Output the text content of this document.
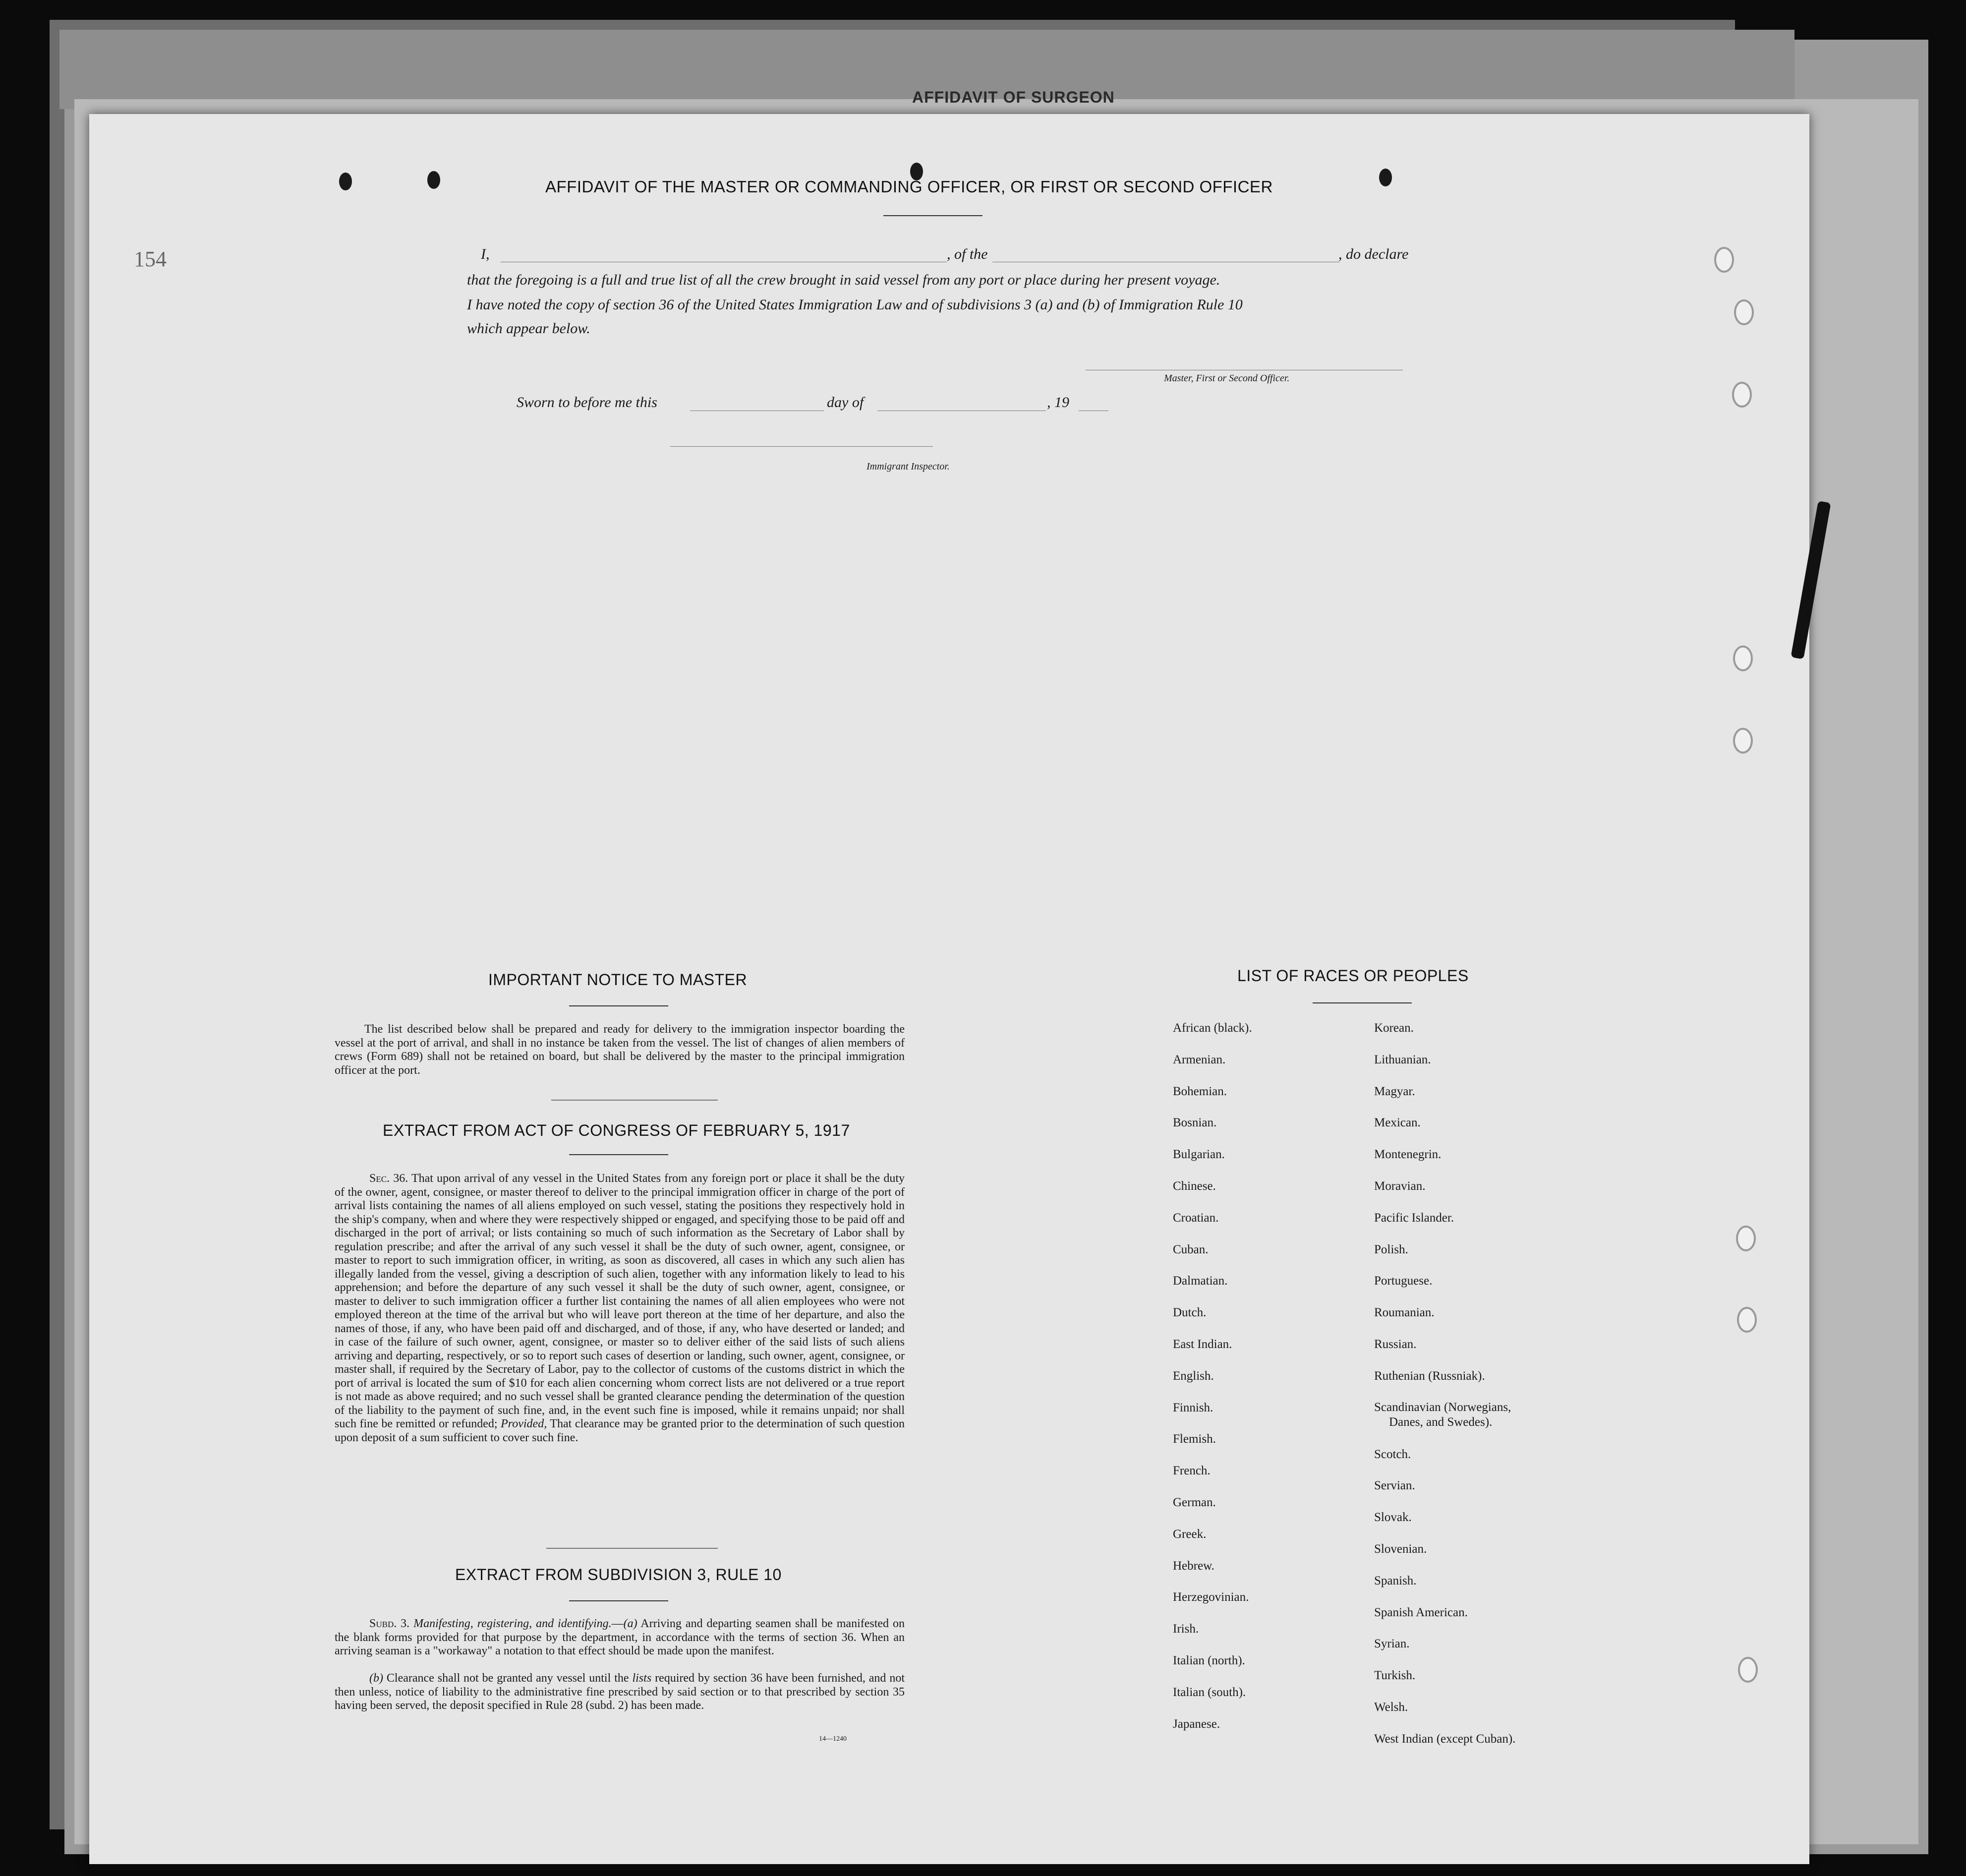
AFFIDAVIT OF SURGEON
154
AFFIDAVIT OF THE MASTER OR COMMANDING OFFICER, OR FIRST OR SECOND OFFICER
I,	, of the	, do declare
that the foregoing is a full and true list of all the crew brought in said vessel from any port or place during her present voyage.
I have noted the copy of section 36 of the United States Immigration Law and of subdivisions 3 (a) and (b) of Immigration Rule 10
which appear below.
Master, First or Second Officer.
Sworn to before me this	day of	, 19
Immigrant Inspector.
IMPORTANT NOTICE TO MASTER
The list described below shall be prepared and ready for delivery to the immigration inspector boarding the vessel at the port of arrival, and shall in no instance be taken from the vessel. The list of changes of alien members of crews (Form 689) shall not be retained on board, but shall be delivered by the master to the principal immigration officer at the port.
EXTRACT FROM ACT OF CONGRESS OF FEBRUARY 5, 1917
Sec. 36. That upon arrival of any vessel in the United States from any foreign port or place it shall be the duty of the owner, agent, consignee, or master thereof to deliver to the principal immigration officer in charge of the port of arrival lists containing the names of all aliens employed on such vessel, stating the positions they respectively hold in the ship's company, when and where they were respectively shipped or engaged, and specifying those to be paid off and discharged in the port of arrival; or lists containing so much of such information as the Secretary of Labor shall by regulation prescribe; and after the arrival of any such vessel it shall be the duty of such owner, agent, consignee, or master to report to such immigration officer, in writing, as soon as discovered, all cases in which any such alien has illegally landed from the vessel, giving a description of such alien, together with any information likely to lead to his apprehension; and before the departure of any such vessel it shall be the duty of such owner, agent, consignee, or master to deliver to such immigration officer a further list containing the names of all alien employees who were not employed thereon at the time of the arrival but who will leave port thereon at the time of her departure, and also the names of those, if any, who have been paid off and discharged, and of those, if any, who have deserted or landed; and in case of the failure of such owner, agent, consignee, or master so to deliver either of the said lists of such aliens arriving and departing, respectively, or so to report such cases of desertion or landing, such owner, agent, consignee, or master shall, if required by the Secretary of Labor, pay to the collector of customs of the customs district in which the port of arrival is located the sum of $10 for each alien concerning whom correct lists are not delivered or a true report is not made as above required; and no such vessel shall be granted clearance pending the determination of the question of the liability to the payment of such fine, and, in the event such fine is imposed, while it remains unpaid; nor shall such fine be remitted or refunded; Provided, That clearance may be granted prior to the determination of such question upon deposit of a sum sufficient to cover such fine.
EXTRACT FROM SUBDIVISION 3, RULE 10
Subd. 3. Manifesting, registering, and identifying.—(a) Arriving and departing seamen shall be manifested on the blank forms provided for that purpose by the department, in accordance with the terms of section 36. When an arriving seaman is a "workaway" a notation to that effect should be made upon the manifest.
(b) Clearance shall not be granted any vessel until the lists required by section 36 have been furnished, and not then unless, notice of liability to the administrative fine prescribed by said section or to that prescribed by section 35 having been served, the deposit specified in Rule 28 (subd. 2) has been made.
14—1240
LIST OF RACES OR PEOPLES
African (black).
Armenian.
Bohemian.
Bosnian.
Bulgarian.
Chinese.
Croatian.
Cuban.
Dalmatian.
Dutch.
East Indian.
English.
Finnish.
Flemish.
French.
German.
Greek.
Hebrew.
Herzegovinian.
Irish.
Italian (north).
Italian (south).
Japanese.
Korean.
Lithuanian.
Magyar.
Mexican.
Montenegrin.
Moravian.
Pacific Islander.
Polish.
Portuguese.
Roumanian.
Russian.
Ruthenian (Russniak).
Scandinavian (Norwegians,
Danes, and Swedes).
Scotch.
Servian.
Slovak.
Slovenian.
Spanish.
Spanish American.
Syrian.
Turkish.
Welsh.
West Indian (except Cuban).
